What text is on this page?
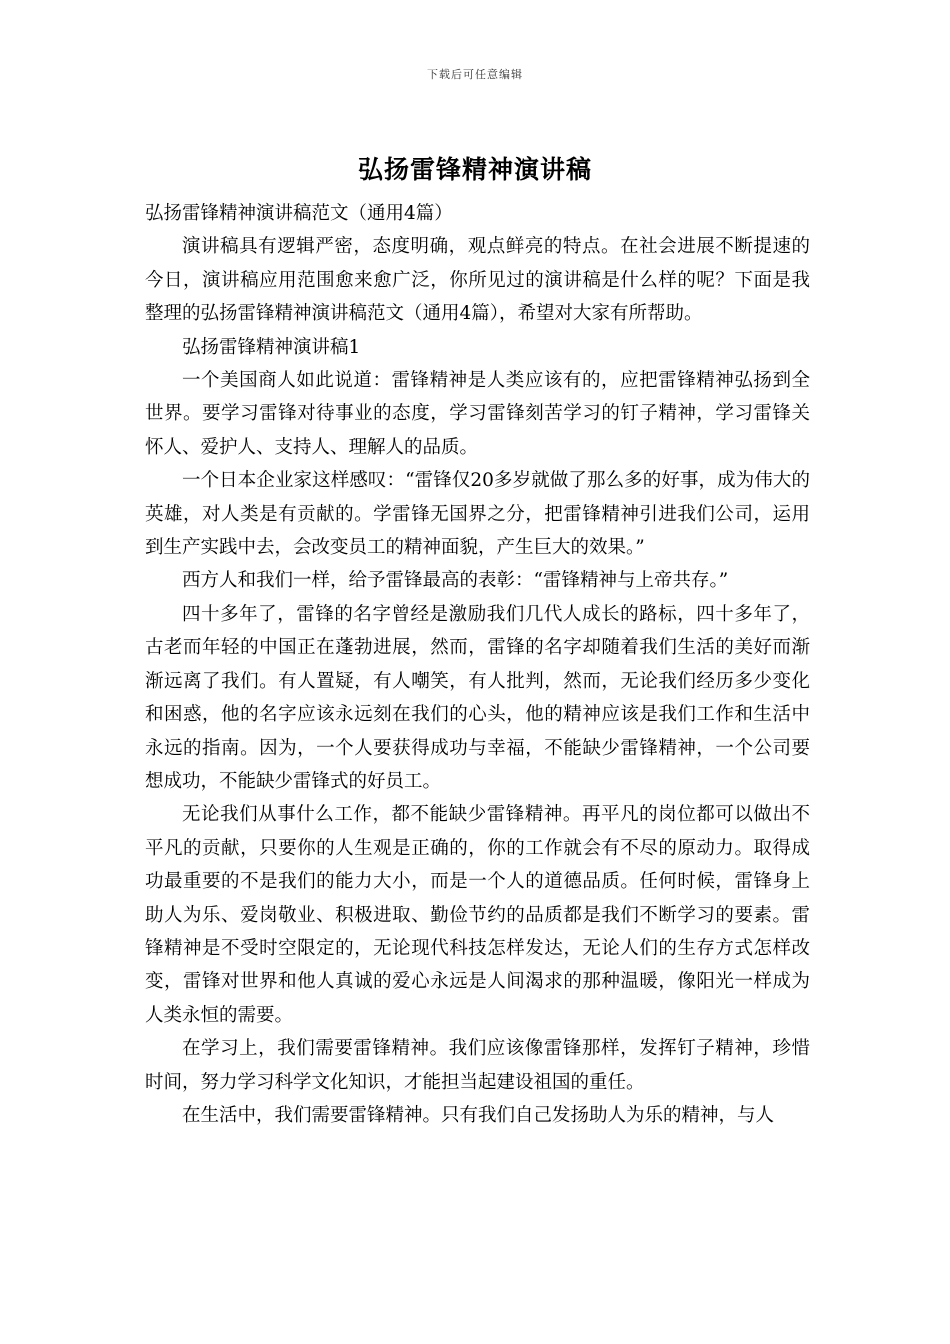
下载后可任意编辑
弘扬雷锋精神演讲稿

弘扬雷锋精神演讲稿范文（通用4篇）

演讲稿具有逻辑严密，态度明确，观点鲜亮的特点。在社会进展不断提速的今日，演讲稿应用范围愈来愈广泛，你所见过的演讲稿是什么样的呢？下面是我整理的弘扬雷锋精神演讲稿范文（通用4篇），希望对大家有所帮助。

弘扬雷锋精神演讲稿1

一个美国商人如此说道：雷锋精神是人类应该有的，应把雷锋精神弘扬到全世界。要学习雷锋对待事业的态度，学习雷锋刻苦学习的钉子精神，学习雷锋关怀人、爱护人、支持人、理解人的品质。

一个日本企业家这样感叹：“雷锋仅20多岁就做了那么多的好事，成为伟大的英雄，对人类是有贡献的。学雷锋无国界之分，把雷锋精神引进我们公司，运用到生产实践中去，会改变员工的精神面貌，产生巨大的效果。”

西方人和我们一样，给予雷锋最高的表彰：“雷锋精神与上帝共存。”

四十多年了，雷锋的名字曾经是激励我们几代人成长的路标，四十多年了，古老而年轻的中国正在蓬勃进展，然而，雷锋的名字却随着我们生活的美好而渐渐远离了我们。有人置疑，有人嘲笑，有人批判，然而，无论我们经历多少变化和困惑，他的名字应该永远刻在我们的心头，他的精神应该是我们工作和生活中永远的指南。因为，一个人要获得成功与幸福，不能缺少雷锋精神，一个公司要想成功，不能缺少雷锋式的好员工。

无论我们从事什么工作，都不能缺少雷锋精神。再平凡的岗位都可以做出不平凡的贡献，只要你的人生观是正确的，你的工作就会有不尽的原动力。取得成功最重要的不是我们的能力大小，而是一个人的道德品质。任何时候，雷锋身上助人为乐、爱岗敬业、积极进取、勤俭节约的品质都是我们不断学习的要素。雷锋精神是不受时空限定的，无论现代科技怎样发达，无论人们的生存方式怎样改变，雷锋对世界和他人真诚的爱心永远是人间渴求的那种温暖，像阳光一样成为人类永恒的需要。

在学习上，我们需要雷锋精神。我们应该像雷锋那样，发挥钉子精神，珍惜时间，努力学习科学文化知识，才能担当起建设祖国的重任。

在生活中，我们需要雷锋精神。只有我们自己发扬助人为乐的精神，与人
